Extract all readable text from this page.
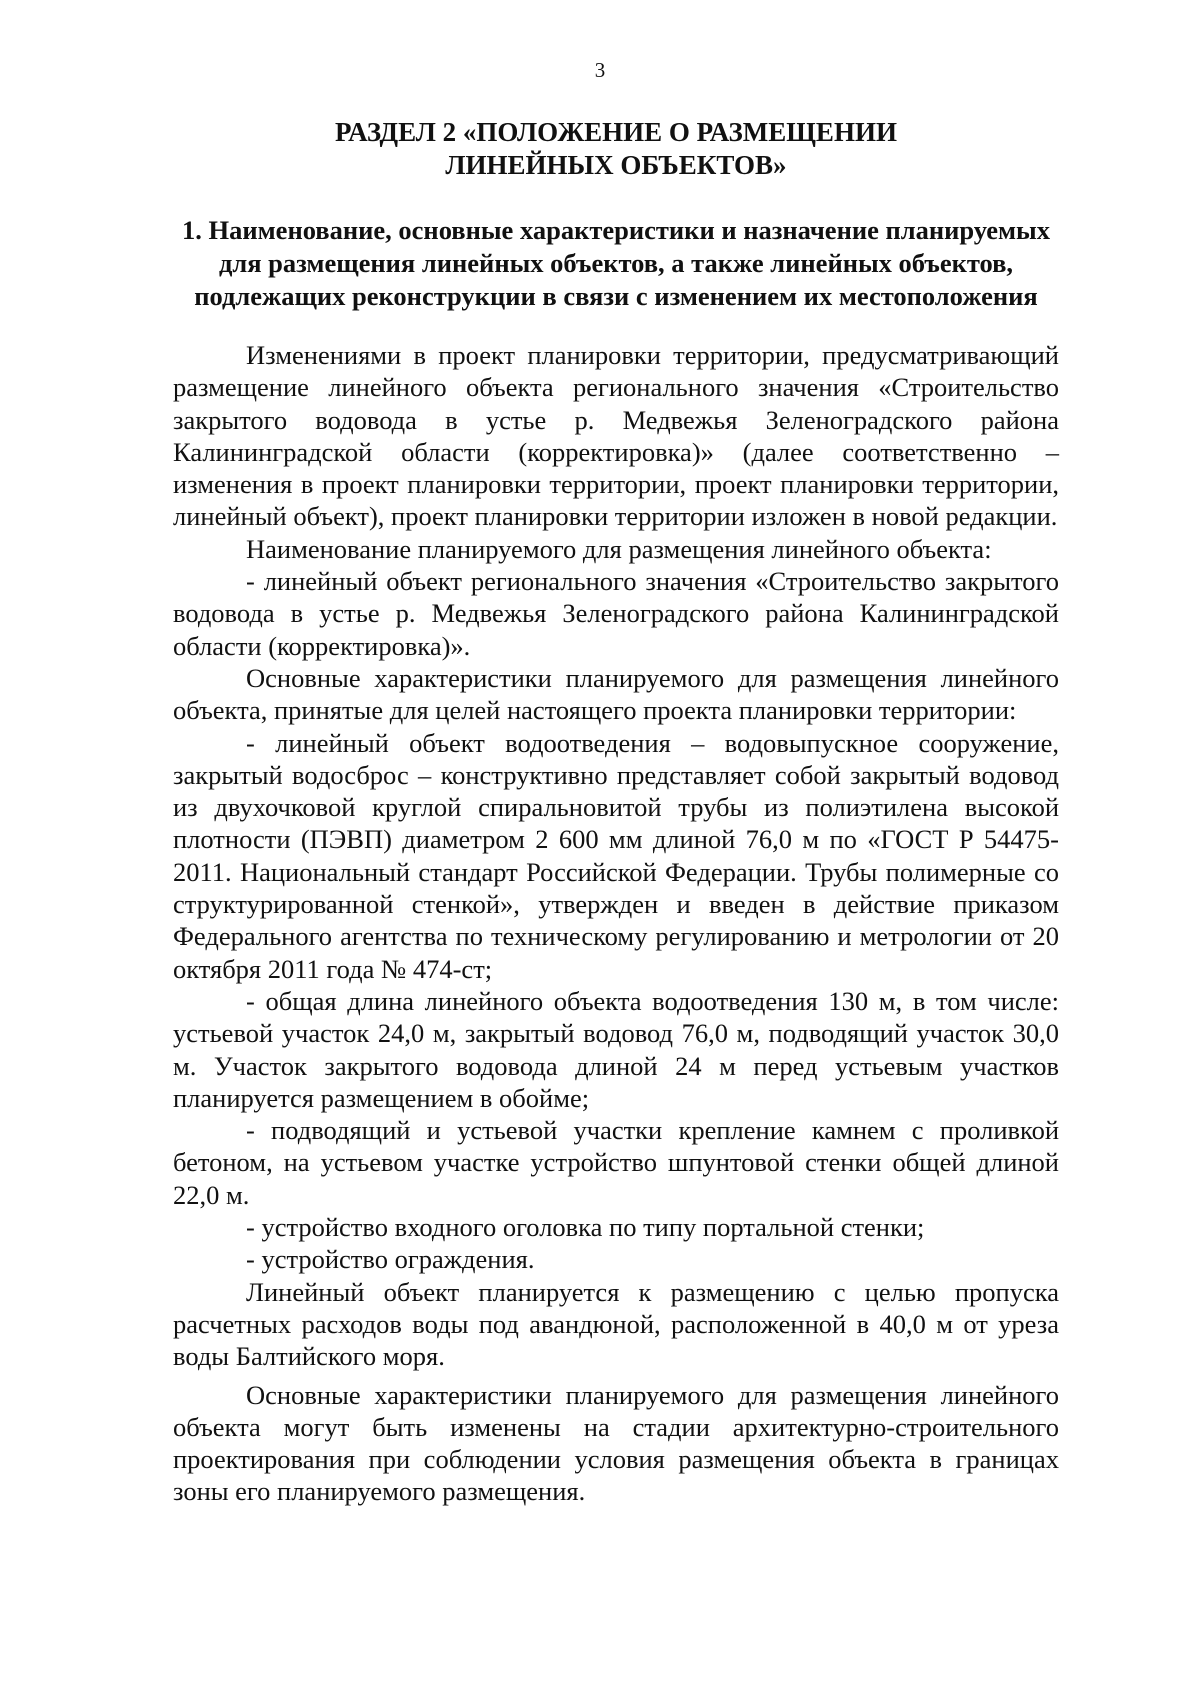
3
РАЗДЕЛ 2 «ПОЛОЖЕНИЕ О РАЗМЕЩЕНИИ
ЛИНЕЙНЫХ ОБЪЕКТОВ»
1. Наименование, основные характеристики и назначение планируемых
для размещения линейных объектов, а также линейных объектов,
подлежащих реконструкции в связи с изменением их местоположения

Изменениями в проект планировки территории, предусматривающий размещение линейного объекта регионального значения «Строительство закрытого водовода в устье р. Медвежья Зеленоградского района Калининградской области (корректировка)» (далее соответственно – изменения в проект планировки территории, проект планировки территории, линейный объект), проект планировки территории изложен в новой редакции.

Наименование планируемого для размещения линейного объекта:

- линейный объект регионального значения «Строительство закрытого водовода в устье р. Медвежья Зеленоградского района Калининградской области (корректировка)».

Основные характеристики планируемого для размещения линейного объекта, принятые для целей настоящего проекта планировки территории:

- линейный объект водоотведения – водовыпускное сооружение, закрытый водосброс – конструктивно представляет собой закрытый водовод из двухочковой круглой спиральновитой трубы из полиэтилена высокой плотности (ПЭВП) диаметром 2 600 мм длиной 76,0 м по «ГОСТ Р 54475- 2011. Национальный стандарт Российской Федерации. Трубы полимерные со структурированной стенкой», утвержден и введен в действие приказом Федерального агентства по техническому регулированию и метрологии от 20 октября 2011 года № 474-ст;

- общая длина линейного объекта водоотведения 130 м, в том числе: устьевой участок 24,0 м, закрытый водовод 76,0 м, подводящий участок 30,0 м. Участок закрытого водовода длиной 24 м перед устьевым участков планируется размещением в обойме;

- подводящий и устьевой участки крепление камнем с проливкой бетоном, на устьевом участке устройство шпунтовой стенки общей длиной 22,0 м.

- устройство входного оголовка по типу портальной стенки;

- устройство ограждения.

Линейный объект планируется к размещению с целью пропуска расчетных расходов воды под авандюной, расположенной в 40,0 м от уреза воды Балтийского моря.

Основные характеристики планируемого для размещения линейного объекта могут быть изменены на стадии архитектурно-строительного проектирования при соблюдении условия размещения объекта в границах зоны его планируемого размещения.
